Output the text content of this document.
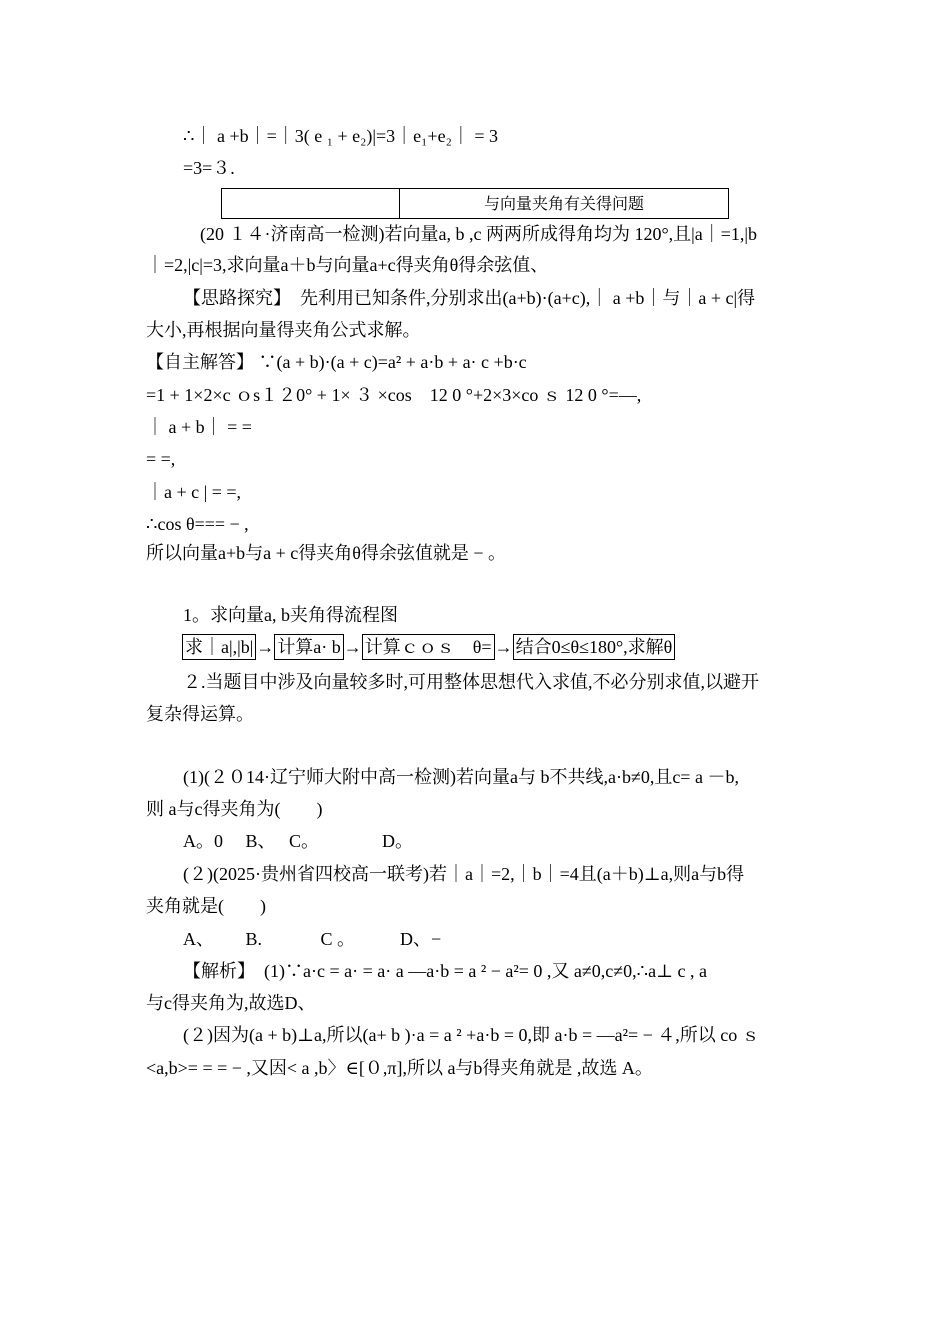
∴｜ a +b｜=｜3( e ₁ + e₂)|=3｜e₁+e₂｜ = 3
=3=３.
与向量夹角有关得问题
(20 １４·济南高一检测)若向量a, b ,c 两两所成得角均为 120°,且|a｜=1,|b
｜=2,|c|=3,求向量a＋b与向量a+c得夹角θ得余弦值、
【思路探究】　先利用已知条件,分别求出(a+b)·(a+c),｜ a +b｜与｜a + c|得
大小,再根据向量得夹角公式求解。
【自主解答】 ∵(a + b)·(a + c)=a² + a·b + a· c +b·c
=1 + 1×2×c ｏs１２0° + 1× ３ ×cos　12 0 °+2×3×co ｓ 12 0 °=—,
｜ a + b｜ = =
= =,
｜a + c | = =,
∴cos θ=== − ,
所以向量a+b与a + c得夹角θ得余弦值就是 − 。
1。求向量a, b夹角得流程图
求｜a|,|b| → 计算a· b → 计算ｃｏｓ　θ= → 结合0≤θ≤180°,求解θ
２.当题目中涉及向量较多时,可用整体思想代入求值,不必分别求值,以避开
复杂得运算。
(1)(２０14·辽宁师大附中高一检测)若向量a与 b不共线,a·b≠0,且c= a －b,
则 a与c得夹角为(　　)
A。0　 B、　 C。　　　　D。
(２)(2025·贵州省四校高一联考)若｜a｜=2,｜b｜=4且(a＋b)⊥a,则a与b得
夹角就是(　　)
A、　　 B.　　　 C 。　　　D、−
【解析】　(1)∵a·c = a· = a· a —a·b = a ² − a²= 0 ,又 a≠0,c≠0,∴a⊥ c , a
与c得夹角为,故选D、
(２)因为(a + b)⊥a,所以(a+ b )·a = a ² +a·b = 0,即 a·b = —a²= − ４,所以 co ｓ
<a,b>= = = − ,又因< a ,b〉∈[０,π],所以 a与b得夹角就是 ,故选 A。
